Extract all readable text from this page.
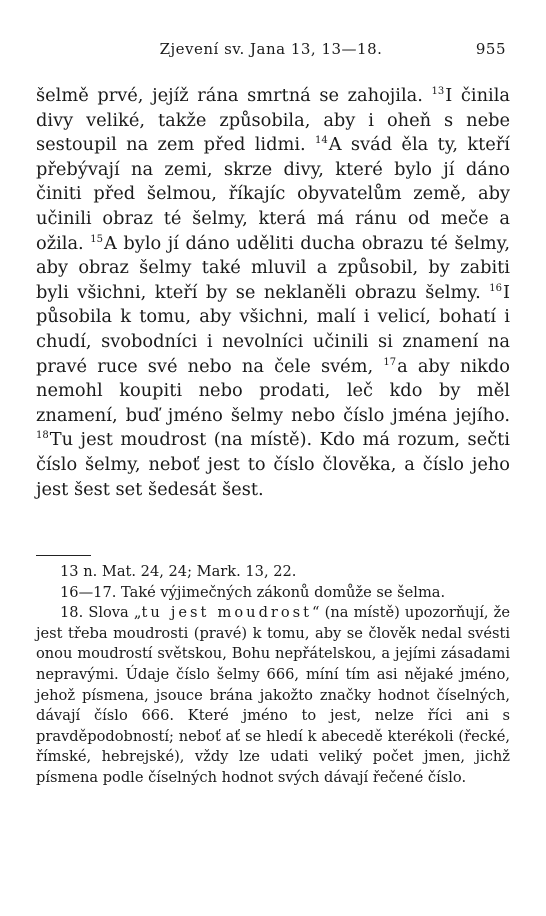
Zjevení sv. Jana 13, 13—18.	955

šelmě prvé, jejíž rána smrtná se zahojila. $^{13}$I činila divy veliké, takže způsobila, aby i oheň s nebe sestoupil na zem před lidmi. $^{14}$A svád ěla ty, kteří přebývají na zemi, skrze divy, které bylo jí dáno činiti před šelmou, říkajíc obyvatelům země, aby učinili obraz té šelmy, která má ránu od meče a ožila. $^{15}$A bylo jí dáno uděliti ducha obrazu té šelmy, aby obraz šelmy také mluvil a způsobil, by zabiti byli všichni, kteří by se neklaněli obrazu šelmy. $^{16}$I působila k tomu, aby všichni, malí i velicí, bohatí i chudí, svobodníci i nevolníci učinili si znamení na pravé ruce své nebo na čele svém, $^{17}$a aby nikdo nemohl koupiti nebo prodati, leč kdo by měl znamení, buď jméno šelmy nebo číslo jména jejího. $^{18}$Tu jest moudrost (na místě). Kdo má rozum, sečti číslo šelmy, neboť jest to číslo člověka, a číslo jeho jest šest set šedesát šest.

13 n. Mat. 24, 24; Mark. 13, 22.

16—17. Také výjimečných zákonů domůže se šelma.

18. Slova „tu jest moudrost“ (na místě) upozorňují, že jest třeba moudrosti (pravé) k tomu, aby se člověk nedal svésti onou moudrostí světskou, Bohu nepřátelskou, a jejími zásadami nepravými. Údaje číslo šelmy 666, míní tím asi nějaké jméno, jehož písmena, jsouce brána jakožto značky hodnot číselných, dávají číslo 666. Které jméno to jest, nelze říci ani s pravděpodobností; neboť ať se hledí k abecedě kterékoli (řecké, římské, hebrejské), vždy lze udati veliký počet jmen, jichž písmena podle číselných hodnot svých dávají řečené číslo.
